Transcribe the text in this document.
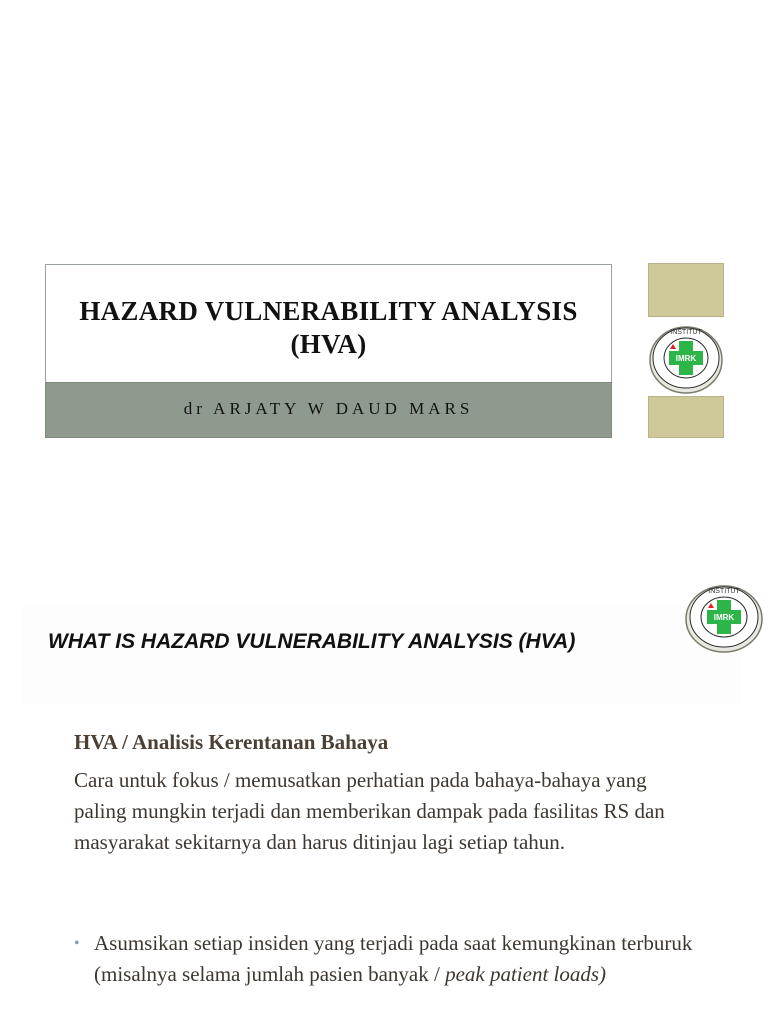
HAZARD VULNERABILITY ANALYSIS
(HVA)
dr ARJATY W DAUD MARS
IMRK
INSTITUT
WHAT IS HAZARD VULNERABILITY ANALYSIS (HVA)
IMRK
INSTITUT
HVA / Analisis Kerentanan Bahaya
Cara untuk fokus / memusatkan perhatian pada bahaya-bahaya yang paling mungkin terjadi dan memberikan dampak pada fasilitas RS dan masyarakat sekitarnya dan harus ditinjau lagi setiap tahun.
• Asumsikan setiap insiden yang terjadi pada saat kemungkinan terburuk (misalnya selama jumlah pasien banyak / peak patient loads)
